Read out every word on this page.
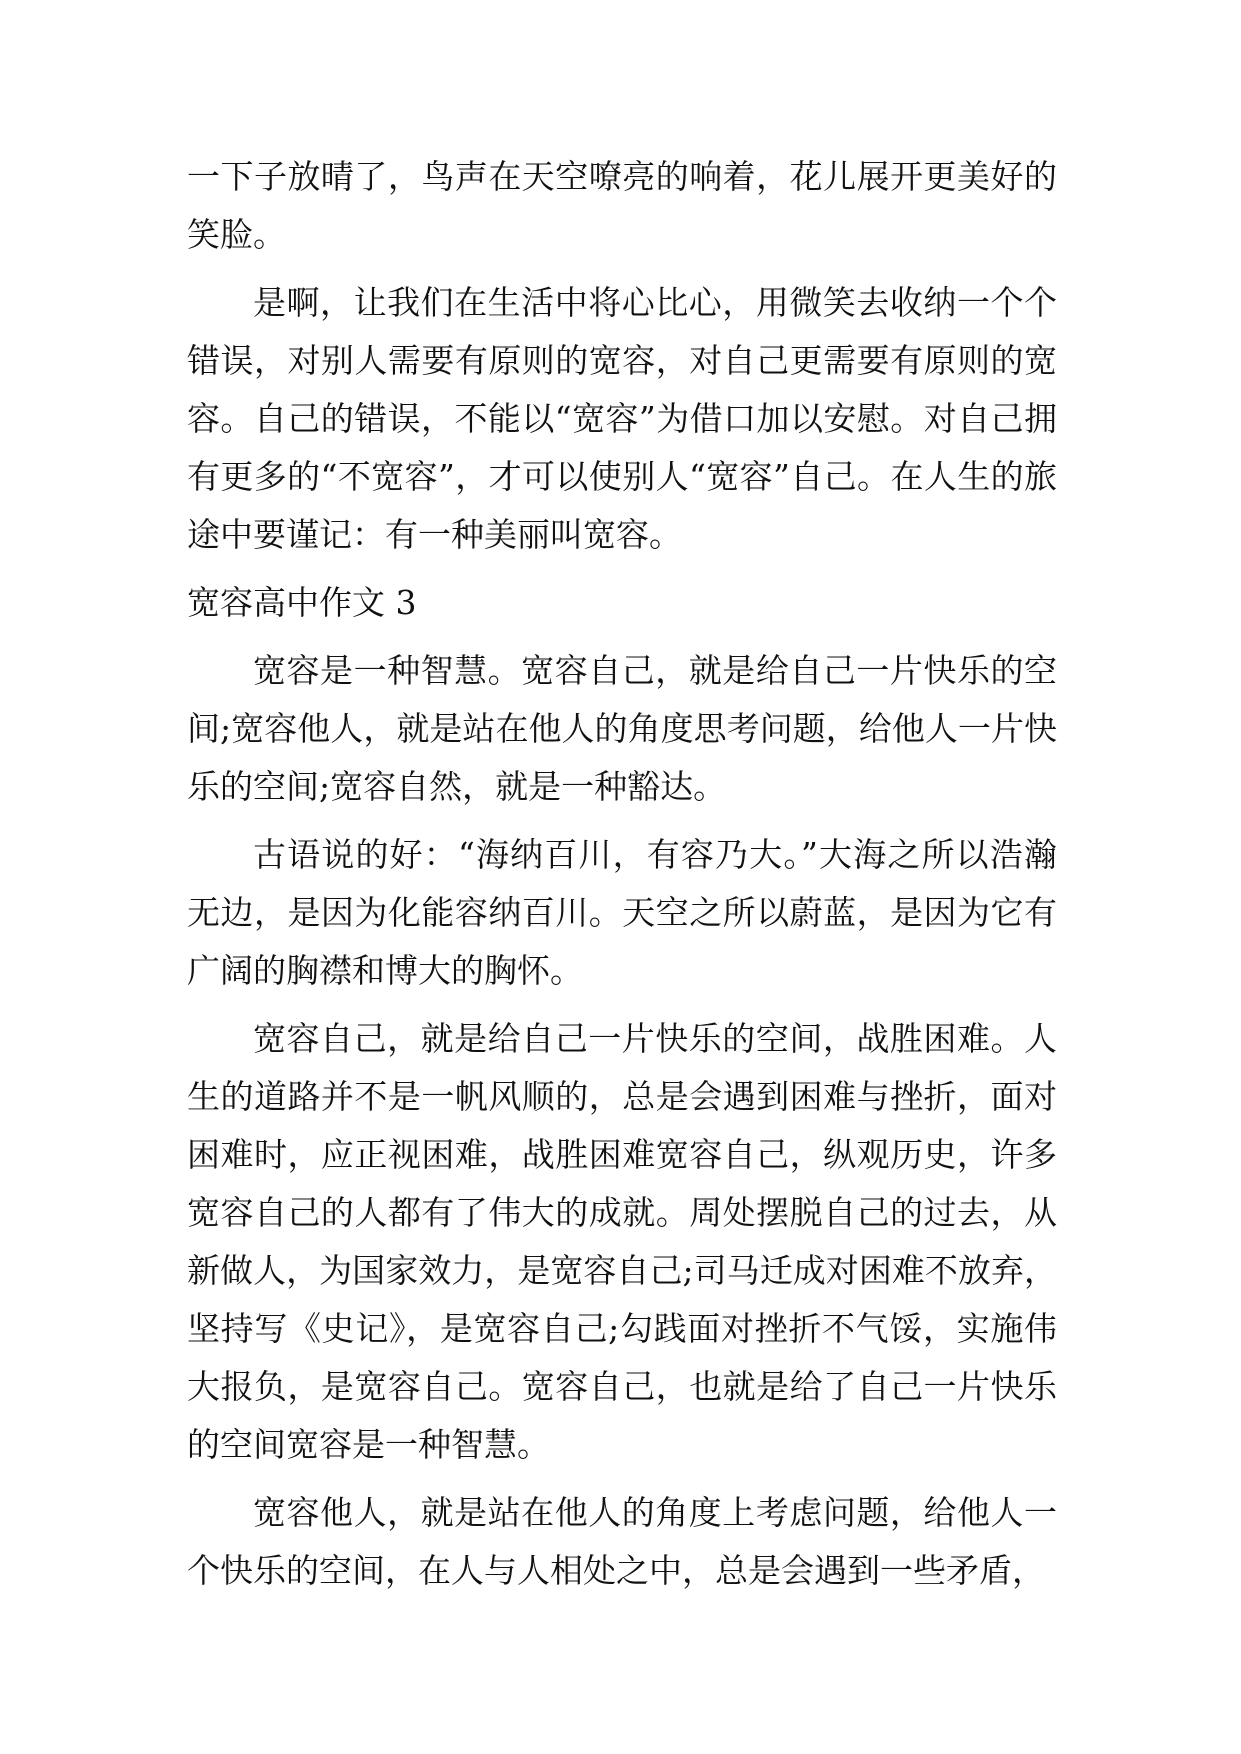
一下子放晴了，鸟声在天空嘹亮的响着，花儿展开更美好的笑脸。

是啊，让我们在生活中将心比心，用微笑去收纳一个个错误，对别人需要有原则的宽容，对自己更需要有原则的宽容。自己的错误，不能以“宽容”为借口加以安慰。对自己拥有更多的“不宽容”，才可以使别人“宽容”自己。在人生的旅途中要谨记：有一种美丽叫宽容。

宽容高中作文 3

宽容是一种智慧。宽容自己，就是给自己一片快乐的空间;宽容他人，就是站在他人的角度思考问题，给他人一片快乐的空间;宽容自然，就是一种豁达。

古语说的好：“海纳百川，有容乃大。”大海之所以浩瀚无边，是因为化能容纳百川。天空之所以蔚蓝，是因为它有广阔的胸襟和博大的胸怀。

宽容自己，就是给自己一片快乐的空间，战胜困难。人生的道路并不是一帆风顺的，总是会遇到困难与挫折，面对困难时，应正视困难，战胜困难宽容自己，纵观历史，许多宽容自己的人都有了伟大的成就。周处摆脱自己的过去，从新做人，为国家效力，是宽容自己;司马迁成对困难不放弃，坚持写《史记》，是宽容自己;勾践面对挫折不气馁，实施伟大报负，是宽容自己。宽容自己，也就是给了自己一片快乐的空间宽容是一种智慧。

宽容他人，就是站在他人的角度上考虑问题，给他人一个快乐的空间，在人与人相处之中，总是会遇到一些矛盾，
